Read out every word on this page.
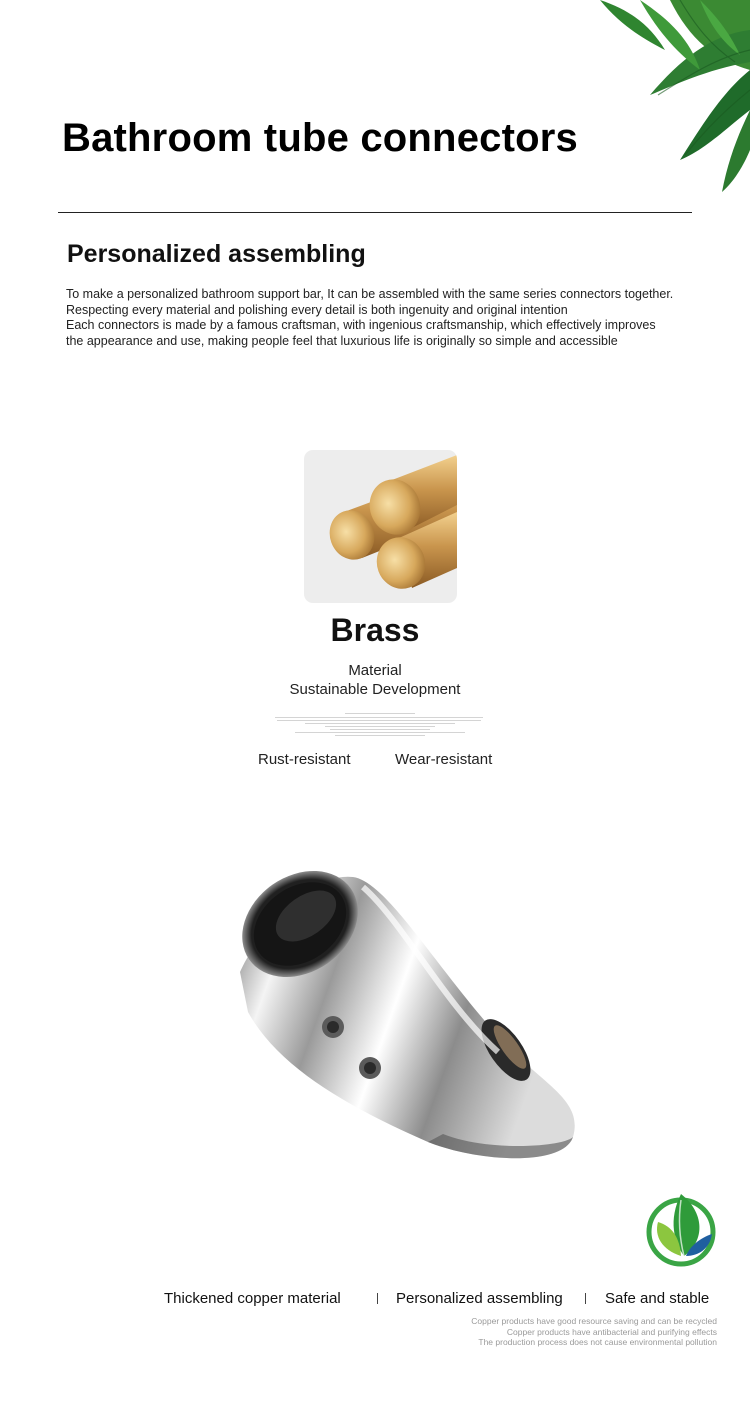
Bathroom tube connectors
Personalized assembling

To make a personalized bathroom support bar, It can be assembled with the same series connectors together.

Respecting every material and polishing every detail is both ingenuity and original intention

Each connectors is made by a famous craftsman, with ingenious craftsmanship, which effectively improves

the appearance and use, making people feel that luxurious life is originally so simple and accessible

Brass
Material
Sustainable Development
Rust-resistant	Wear-resistant
Thickened copper material	Personalized assembling	Safe and stable

Copper products have good resource saving and can be recycled

Copper products have antibacterial and purifying effects

The production process does not cause environmental pollution
